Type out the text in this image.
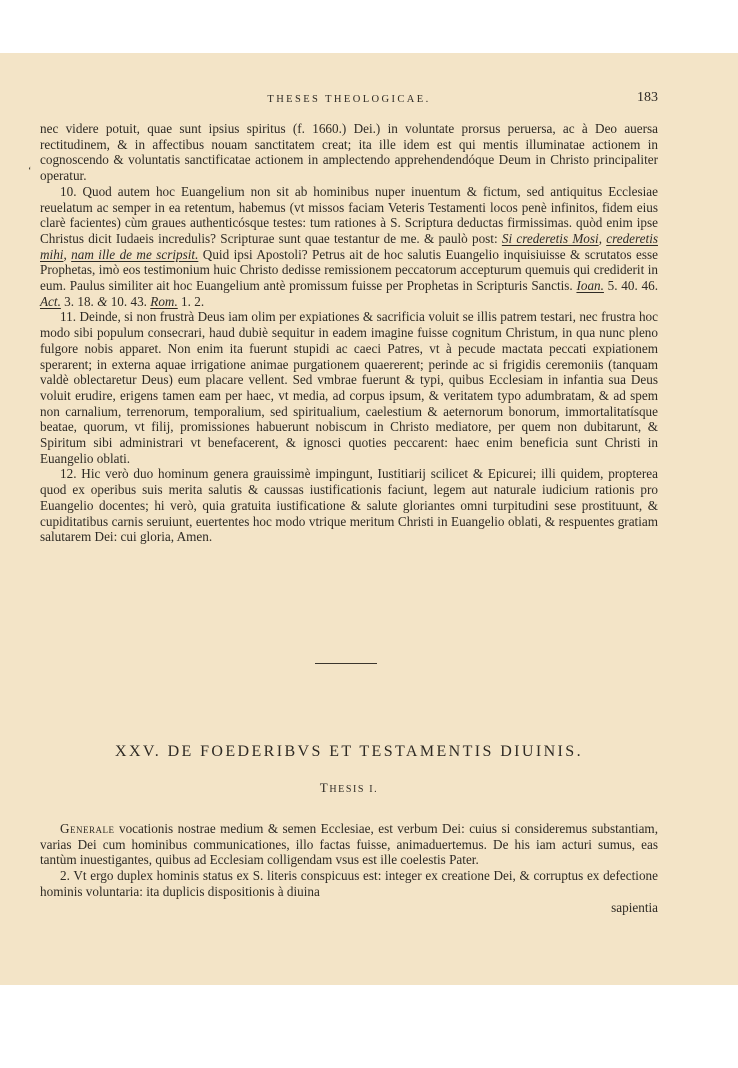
THESES THEOLOGICAE.	183
‘

nec videre potuit, quae sunt ipsius spiritus (f. 1660.) Dei.) in voluntate prorsus peruersa, ac à Deo auersa rectitudinem, & in affectibus nouam sanctitatem creat; ita ille idem est qui mentis illuminatae actionem in cognoscendo & voluntatis sanctificatae actionem in amplectendo apprehendendóque Deum in Christo principaliter operatur.

10. Quod autem hoc Euangelium non sit ab hominibus nuper inuentum & fictum, sed antiquitus Ecclesiae reuelatum ac semper in ea retentum, habemus (vt missos faciam Veteris Testamenti locos penè infinitos, fidem eius clarè facientes) cùm graues authenticósque testes: tum rationes à S. Scriptura deductas firmissimas. quòd enim ipse Christus dicit Iudaeis incredulis? Scripturae sunt quae testantur de me. & paulò post: Si crederetis Mosi, crederetis mihi, nam ille de me scripsit. Quid ipsi Apostoli? Petrus ait de hoc salutis Euangelio inquisiuisse & scrutatos esse Prophetas, imò eos testimonium huic Christo dedisse remissionem peccatorum accepturum quemuis qui crediderit in eum. Paulus similiter ait hoc Euangelium antè promissum fuisse per Prophetas in Scripturis Sanctis. Ioan. 5. 40. 46. Act. 3. 18. & 10. 43. Rom. 1. 2.

11. Deinde, si non frustrà Deus iam olim per expiationes & sacrificia voluit se illis patrem testari, nec frustra hoc modo sibi populum consecrari, haud dubiè sequitur in eadem imagine fuisse cognitum Christum, in qua nunc pleno fulgore nobis apparet. Non enim ita fuerunt stupidi ac caeci Patres, vt à pecude mactata peccati expiationem sperarent; in externa aquae irrigatione animae purgationem quaererent; perinde ac si frigidis ceremoniis (tanquam valdè oblectaretur Deus) eum placare vellent. Sed vmbrae fuerunt & typi, quibus Ecclesiam in infantia sua Deus voluit erudire, erigens tamen eam per haec, vt media, ad corpus ipsum, & veritatem typo adumbratam, & ad spem non carnalium, terrenorum, temporalium, sed spiritualium, caelestium & aeternorum bonorum, immortalitatísque beatae, quorum, vt filij, promissiones habuerunt nobiscum in Christo mediatore, per quem non dubitarunt, & Spiritum sibi administrari vt benefacerent, & ignosci quoties peccarent: haec enim beneficia sunt Christi in Euangelio oblati.

12. Hic verò duo hominum genera grauissimè impingunt, Iustitiarij scilicet & Epicurei; illi quidem, propterea quod ex operibus suis merita salutis & caussas iustificationis faciunt, legem aut naturale iudicium rationis pro Euangelio docentes; hi verò, quia gratuita iustificatione & salute gloriantes omni turpitudini sese prostituunt, & cupiditatibus carnis seruiunt, euertentes hoc modo vtrique meritum Christi in Euangelio oblati, & respuentes gratiam salutarem Dei: cui gloria, Amen.

XXV. DE FOEDERIBVS ET TESTAMENTIS DIUINIS.
THESIS I.

Generale vocationis nostrae medium & semen Ecclesiae, est verbum Dei: cuius si consideremus substantiam, varias Dei cum hominibus communicationes, illo factas fuisse, animaduertemus. De his iam acturi sumus, eas tantùm inuestigantes, quibus ad Ecclesiam colligendam vsus est ille coelestis Pater.

2. Vt ergo duplex hominis status ex S. literis conspicuus est: integer ex creatione Dei, & corruptus ex defectione hominis voluntaria: ita duplicis dispositionis à diuina

sapientia
